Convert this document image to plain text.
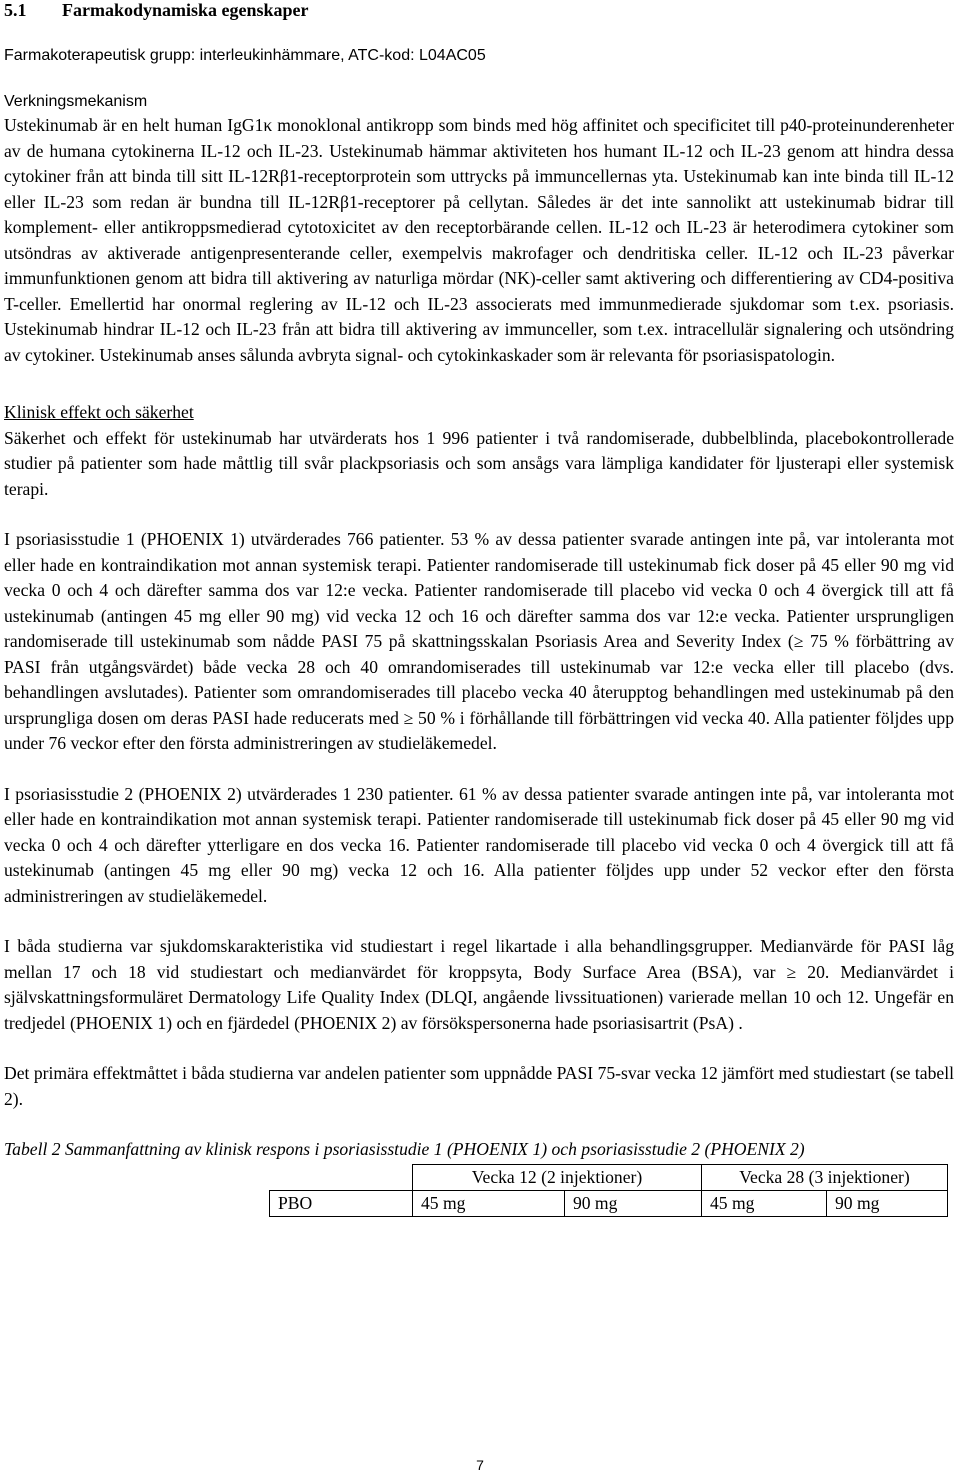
5.1 Farmakodynamiska egenskaper
Farmakoterapeutisk grupp: interleukinhämmare, ATC-kod: L04AC05
Verkningsmekanism

Ustekinumab är en helt human IgG1κ monoklonal antikropp som binds med hög affinitet och specificitet till p40-proteinunderenheter av de humana cytokinerna IL-12 och IL-23. Ustekinumab hämmar aktiviteten hos humant IL-12 och IL-23 genom att hindra dessa cytokiner från att binda till sitt IL-12Rβ1-receptorprotein som uttrycks på immuncellernas yta. Ustekinumab kan inte binda till IL-12 eller IL-23 som redan är bundna till IL-12Rβ1-receptorer på cellytan. Således är det inte sannolikt att ustekinumab bidrar till komplement- eller antikroppsmedierad cytotoxicitet av den receptorbärande cellen. IL-12 och IL-23 är heterodimera cytokiner som utsöndras av aktiverade antigenpresenterande celler, exempelvis makrofager och dendritiska celler. IL-12 och IL-23 påverkar immunfunktionen genom att bidra till aktivering av naturliga mördar (NK)-celler samt aktivering och differentiering av CD4-positiva T-celler. Emellertid har onormal reglering av IL-12 och IL-23 associerats med immunmedierade sjukdomar som t.ex. psoriasis. Ustekinumab hindrar IL-12 och IL-23 från att bidra till aktivering av immunceller, som t.ex. intracellulär signalering och utsöndring av cytokiner. Ustekinumab anses sålunda avbryta signal- och cytokinkaskader som är relevanta för psoriasispatologin.

Klinisk effekt och säkerhet

Säkerhet och effekt för ustekinumab har utvärderats hos 1 996 patienter i två randomiserade, dubbelblinda, placebokontrollerade studier på patienter som hade måttlig till svår plackpsoriasis och som ansågs vara lämpliga kandidater för ljusterapi eller systemisk terapi.

I psoriasisstudie 1 (PHOENIX 1) utvärderades 766 patienter. 53 % av dessa patienter svarade antingen inte på, var intoleranta mot eller hade en kontraindikation mot annan systemisk terapi. Patienter randomiserade till ustekinumab fick doser på 45 eller 90 mg vid vecka 0 och 4 och därefter samma dos var 12:e vecka. Patienter randomiserade till placebo vid vecka 0 och 4 övergick till att få ustekinumab (antingen 45 mg eller 90 mg) vid vecka 12 och 16 och därefter samma dos var 12:e vecka. Patienter ursprungligen randomiserade till ustekinumab som nådde PASI 75 på skattningsskalan Psoriasis Area and Severity Index (≥ 75 % förbättring av PASI från utgångsvärdet) både vecka 28 och 40 omrandomiserades till ustekinumab var 12:e vecka eller till placebo (dvs. behandlingen avslutades). Patienter som omrandomiserades till placebo vecka 40 återupptog behandlingen med ustekinumab på den ursprungliga dosen om deras PASI hade reducerats med ≥ 50 % i förhållande till förbättringen vid vecka 40. Alla patienter följdes upp under 76 veckor efter den första administreringen av studieläkemedel.

I psoriasisstudie 2 (PHOENIX 2) utvärderades 1 230 patienter. 61 % av dessa patienter svarade antingen inte på, var intoleranta mot eller hade en kontraindikation mot annan systemisk terapi. Patienter randomiserade till ustekinumab fick doser på 45 eller 90 mg vid vecka 0 och 4 och därefter ytterligare en dos vecka 16. Patienter randomiserade till placebo vid vecka 0 och 4 övergick till att få ustekinumab (antingen 45 mg eller 90 mg) vecka 12 och 16. Alla patienter följdes upp under 52 veckor efter den första administreringen av studieläkemedel.

I båda studierna var sjukdomskarakteristika vid studiestart i regel likartade i alla behandlingsgrupper. Medianvärde för PASI låg mellan 17 och 18 vid studiestart och medianvärdet för kroppsyta, Body Surface Area (BSA), var ≥ 20. Medianvärdet i självskattningsformuläret Dermatology Life Quality Index (DLQI, angående livssituationen) varierade mellan 10 och 12. Ungefär en tredjedel (PHOENIX 1) och en fjärdedel (PHOENIX 2) av försökspersonerna hade psoriasisartrit (PsA) .

Det primära effektmåttet i båda studierna var andelen patienter som uppnådde PASI 75-svar vecka 12 jämfört med studiestart (se tabell 2).

Tabell 2 Sammanfattning av klinisk respons i psoriasisstudie 1 (PHOENIX 1) och psoriasisstudie 2 (PHOENIX 2)

	Vecka 12 (2 injektioner)		Vecka 28 (3 injektioner)	
PBO	45 mg	90 mg	45 mg	90 mg
7
